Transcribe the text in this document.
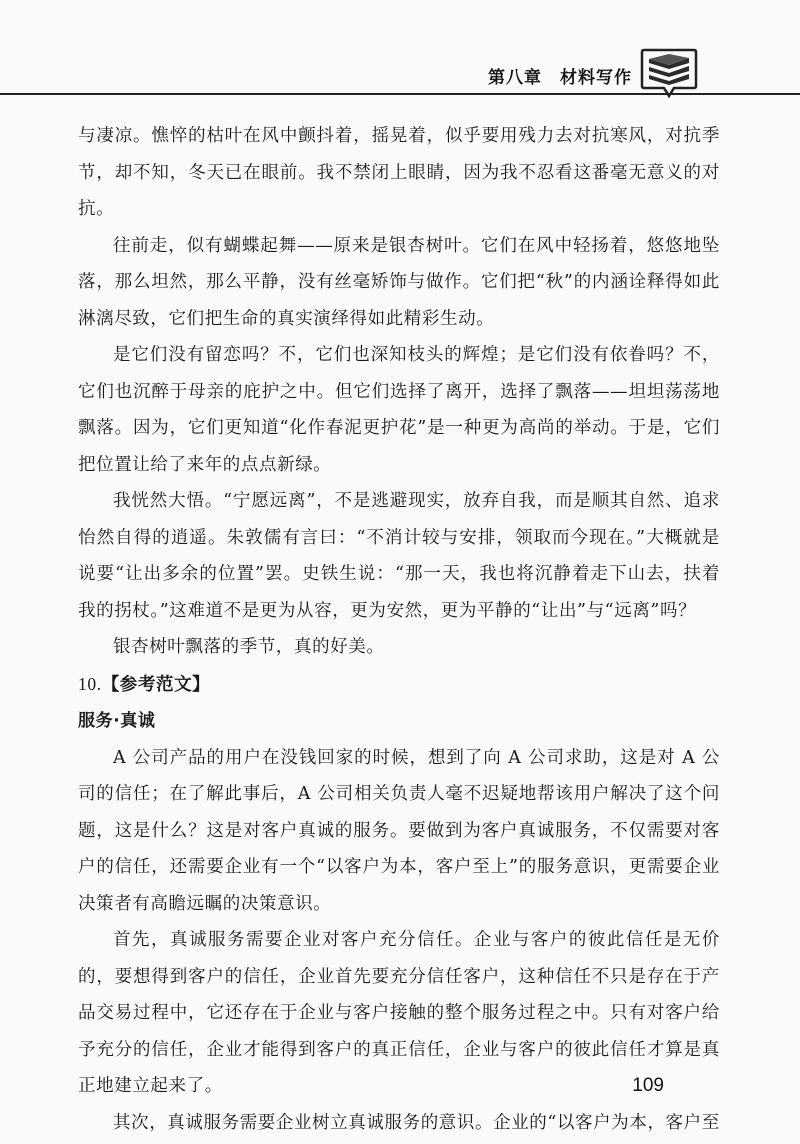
第八章　材料写作

与凄凉。憔悴的枯叶在风中颤抖着，摇晃着，似乎要用残力去对抗寒风，对抗季节，却不知，冬天已在眼前。我不禁闭上眼睛，因为我不忍看这番毫无意义的对抗。

往前走，似有蝴蝶起舞——原来是银杏树叶。它们在风中轻扬着，悠悠地坠落，那么坦然，那么平静，没有丝毫矫饰与做作。它们把“秋”的内涵诠释得如此淋漓尽致，它们把生命的真实演绎得如此精彩生动。

是它们没有留恋吗？不，它们也深知枝头的辉煌；是它们没有依眷吗？不，它们也沉醉于母亲的庇护之中。但它们选择了离开，选择了飘落——坦坦荡荡地飘落。因为，它们更知道“化作春泥更护花”是一种更为高尚的举动。于是，它们把位置让给了来年的点点新绿。

我恍然大悟。“宁愿远离”，不是逃避现实，放弃自我，而是顺其自然、追求怡然自得的逍遥。朱敦儒有言曰：“不消计较与安排，领取而今现在。”大概就是说要“让出多余的位置”罢。史铁生说：“那一天，我也将沉静着走下山去，扶着我的拐杖。”这难道不是更为从容，更为安然，更为平静的“让出”与“远离”吗？

银杏树叶飘落的季节，真的好美。

10.【参考范文】

服务·真诚

A 公司产品的用户在没钱回家的时候，想到了向 A 公司求助，这是对 A 公司的信任；在了解此事后，A 公司相关负责人毫不迟疑地帮该用户解决了这个问题，这是什么？这是对客户真诚的服务。要做到为客户真诚服务，不仅需要对客户的信任，还需要企业有一个“以客户为本，客户至上”的服务意识，更需要企业决策者有高瞻远瞩的决策意识。

首先，真诚服务需要企业对客户充分信任。企业与客户的彼此信任是无价的，要想得到客户的信任，企业首先要充分信任客户，这种信任不只是存在于产品交易过程中，它还存在于企业与客户接触的整个服务过程之中。只有对客户给予充分的信任，企业才能得到客户的真正信任，企业与客户的彼此信任才算是真正地建立起来了。

其次，真诚服务需要企业树立真诚服务的意识。企业的“以客户为本，客户至

109
